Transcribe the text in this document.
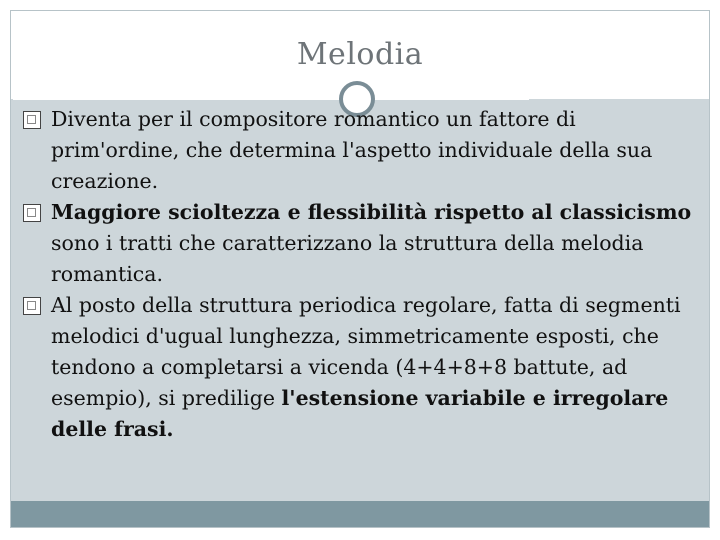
Melodia
Diventa per il compositore romantico un fattore di prim'ordine, che determina l'aspetto individuale della sua creazione.
Maggiore scioltezza e flessibilità rispetto al classicismo sono i tratti che caratterizzano la struttura della melodia romantica.
Al posto della struttura periodica regolare, fatta di segmenti melodici d'ugual lunghezza, simmetricamente esposti, che tendono a completarsi a vicenda (4+4+8+8 battute, ad esempio), si predilige l'estensione variabile e irregolare delle frasi.
